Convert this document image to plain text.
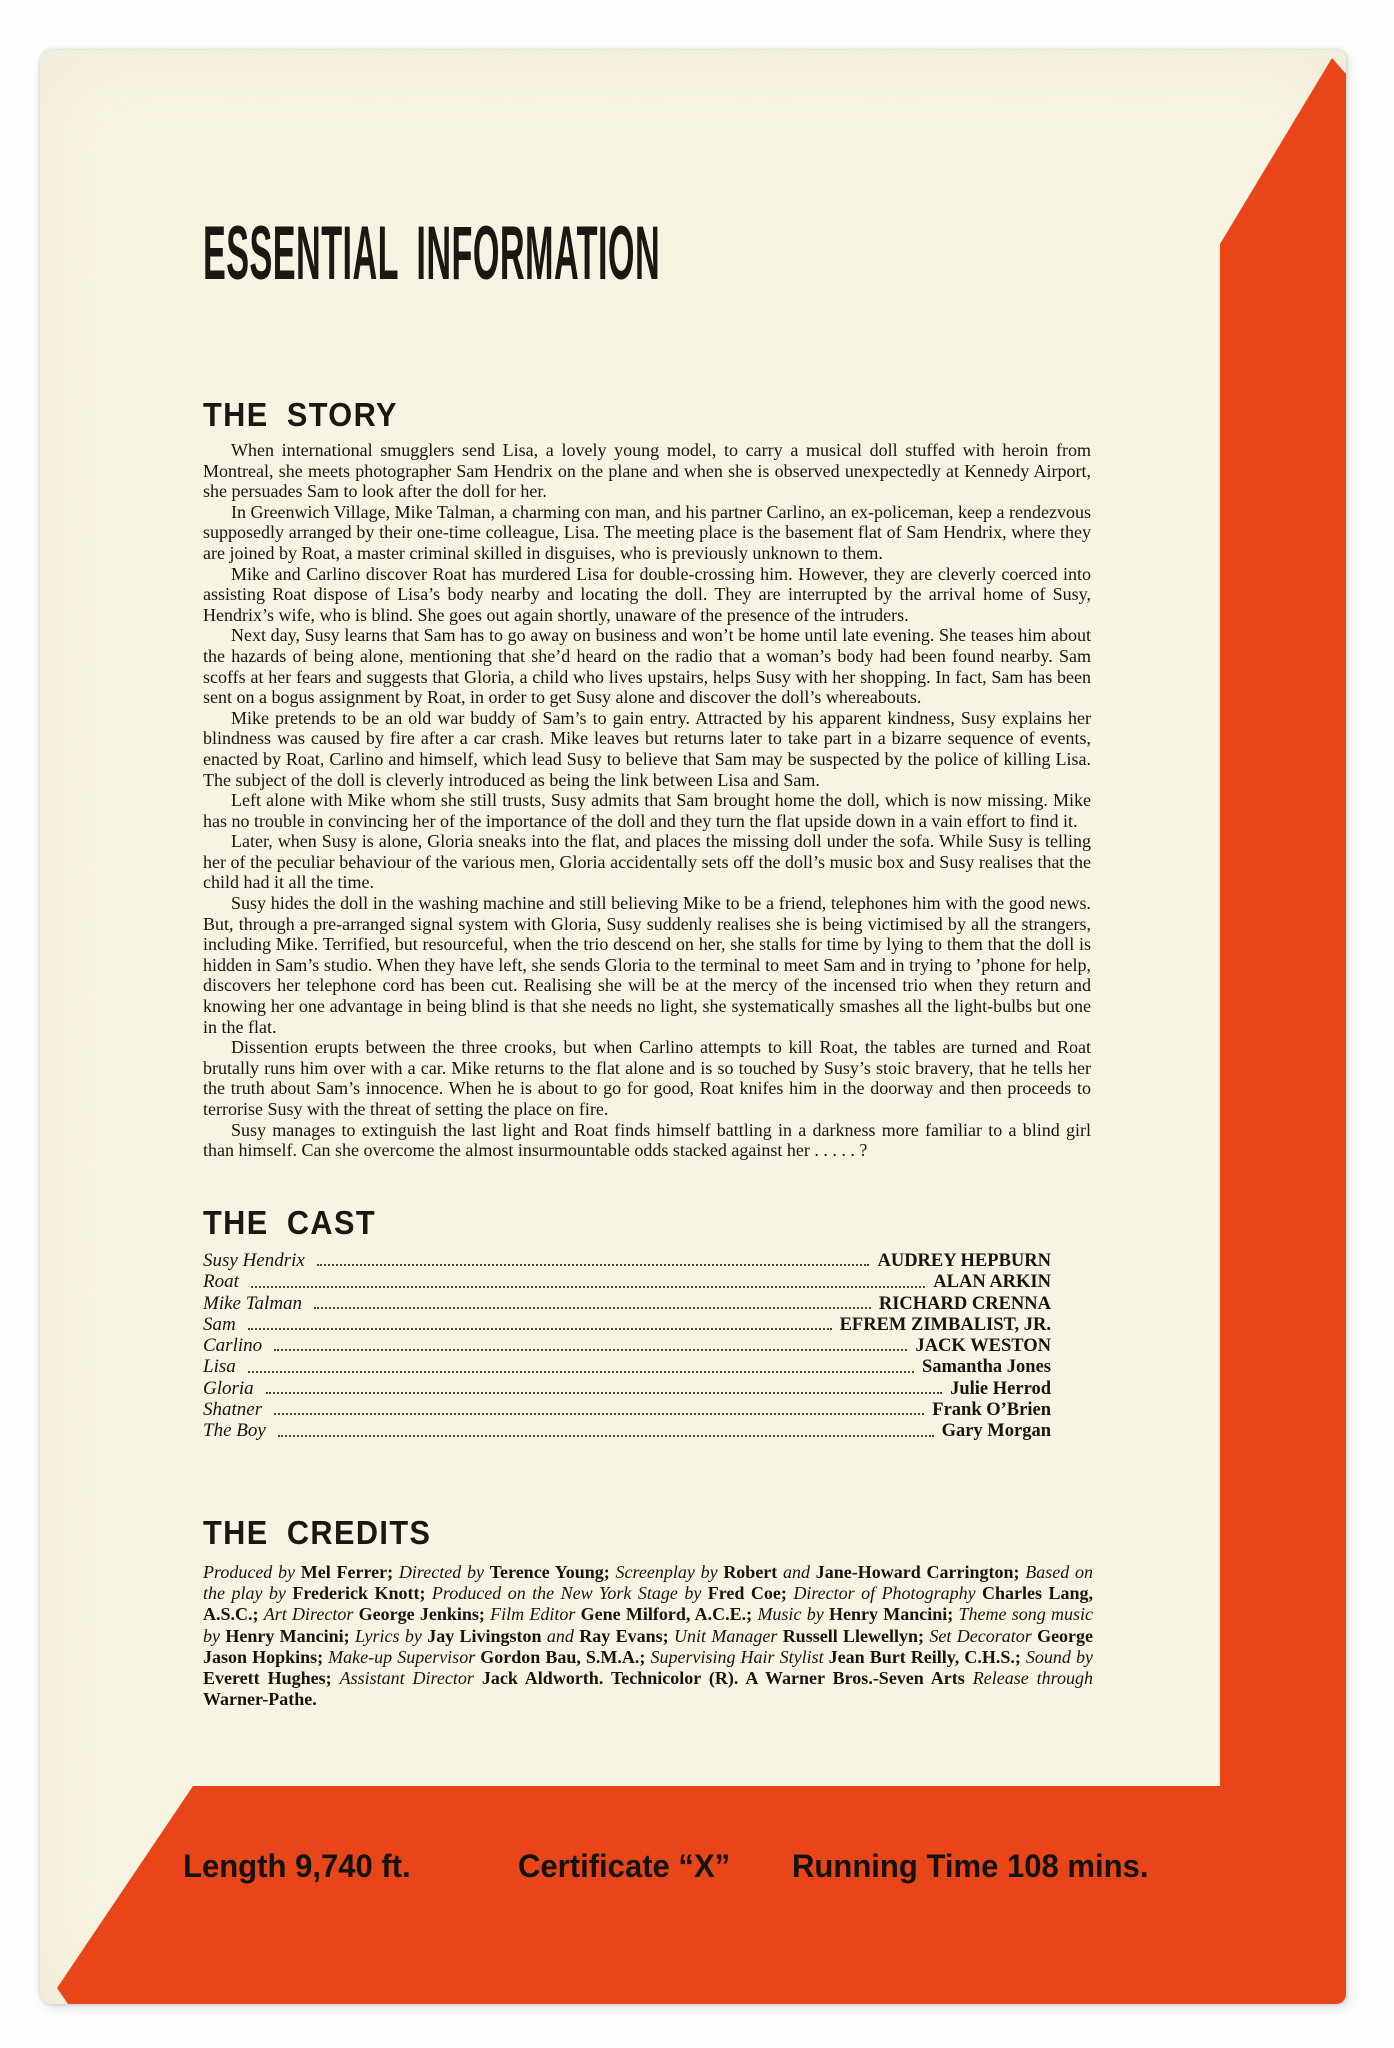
ESSENTIAL INFORMATION
THE STORY

When international smugglers send Lisa, a lovely young model, to carry a musical doll stuffed with heroin from Montreal, she meets photographer Sam Hendrix on the plane and when she is observed unexpectedly at Kennedy Airport, she persuades Sam to look after the doll for her.

In Greenwich Village, Mike Talman, a charming con man, and his partner Carlino, an ex-policeman, keep a rendezvous supposedly arranged by their one-time colleague, Lisa. The meeting place is the basement flat of Sam Hendrix, where they are joined by Roat, a master criminal skilled in disguises, who is previously unknown to them.

Mike and Carlino discover Roat has murdered Lisa for double-crossing him. However, they are cleverly coerced into assisting Roat dispose of Lisa’s body nearby and locating the doll. They are interrupted by the arrival home of Susy, Hendrix’s wife, who is blind. She goes out again shortly, unaware of the presence of the intruders.

Next day, Susy learns that Sam has to go away on business and won’t be home until late evening. She teases him about the hazards of being alone, mentioning that she’d heard on the radio that a woman’s body had been found nearby. Sam scoffs at her fears and suggests that Gloria, a child who lives upstairs, helps Susy with her shopping. In fact, Sam has been sent on a bogus assignment by Roat, in order to get Susy alone and discover the doll’s whereabouts.

Mike pretends to be an old war buddy of Sam’s to gain entry. Attracted by his apparent kindness, Susy explains her blindness was caused by fire after a car crash. Mike leaves but returns later to take part in a bizarre sequence of events, enacted by Roat, Carlino and himself, which lead Susy to believe that Sam may be suspected by the police of killing Lisa. The subject of the doll is cleverly introduced as being the link between Lisa and Sam.

Left alone with Mike whom she still trusts, Susy admits that Sam brought home the doll, which is now missing. Mike has no trouble in convincing her of the importance of the doll and they turn the flat upside down in a vain effort to find it.

Later, when Susy is alone, Gloria sneaks into the flat, and places the missing doll under the sofa. While Susy is telling her of the peculiar behaviour of the various men, Gloria accidentally sets off the doll’s music box and Susy realises that the child had it all the time.

Susy hides the doll in the washing machine and still believing Mike to be a friend, telephones him with the good news. But, through a pre-arranged signal system with Gloria, Susy suddenly realises she is being victimised by all the strangers, including Mike. Terrified, but resourceful, when the trio descend on her, she stalls for time by lying to them that the doll is hidden in Sam’s studio. When they have left, she sends Gloria to the terminal to meet Sam and in trying to ’phone for help, discovers her telephone cord has been cut. Realising she will be at the mercy of the incensed trio when they return and knowing her one advantage in being blind is that she needs no light, she systematically smashes all the light-bulbs but one in the flat.

Dissention erupts between the three crooks, but when Carlino attempts to kill Roat, the tables are turned and Roat brutally runs him over with a car. Mike returns to the flat alone and is so touched by Susy’s stoic bravery, that he tells her the truth about Sam’s innocence. When he is about to go for good, Roat knifes him in the doorway and then proceeds to terrorise Susy with the threat of setting the place on fire.

Susy manages to extinguish the last light and Roat finds himself battling in a darkness more familiar to a blind girl than himself. Can she overcome the almost insurmountable odds stacked against her . . . . . ?

THE CAST
Susy Hendrix	AUDREY HEPBURN
Roat	ALAN ARKIN
Mike Talman	RICHARD CRENNA
Sam	EFREM ZIMBALIST, JR.
Carlino	JACK WESTON
Lisa	Samantha Jones
Gloria	Julie Herrod
Shatner	Frank O’Brien
The Boy	Gary Morgan
THE CREDITS

Produced by Mel Ferrer; Directed by Terence Young; Screenplay by Robert and Jane-Howard Carrington; Based on the play by Frederick Knott; Produced on the New York Stage by Fred Coe; Director of Photography Charles Lang, A.S.C.; Art Director George Jenkins; Film Editor Gene Milford, A.C.E.; Music by Henry Mancini; Theme song music by Henry Mancini; Lyrics by Jay Livingston and Ray Evans; Unit Manager Russell Llewellyn; Set Decorator George Jason Hopkins; Make-up Supervisor Gordon Bau, S.M.A.; Supervising Hair Stylist Jean Burt Reilly, C.H.S.; Sound by Everett Hughes; Assistant Director Jack Aldworth. Technicolor (R). A Warner Bros.-Seven Arts Release through Warner-Pathe.

Length 9,740 ft.	Certificate “X” Running Time 108 mins.
